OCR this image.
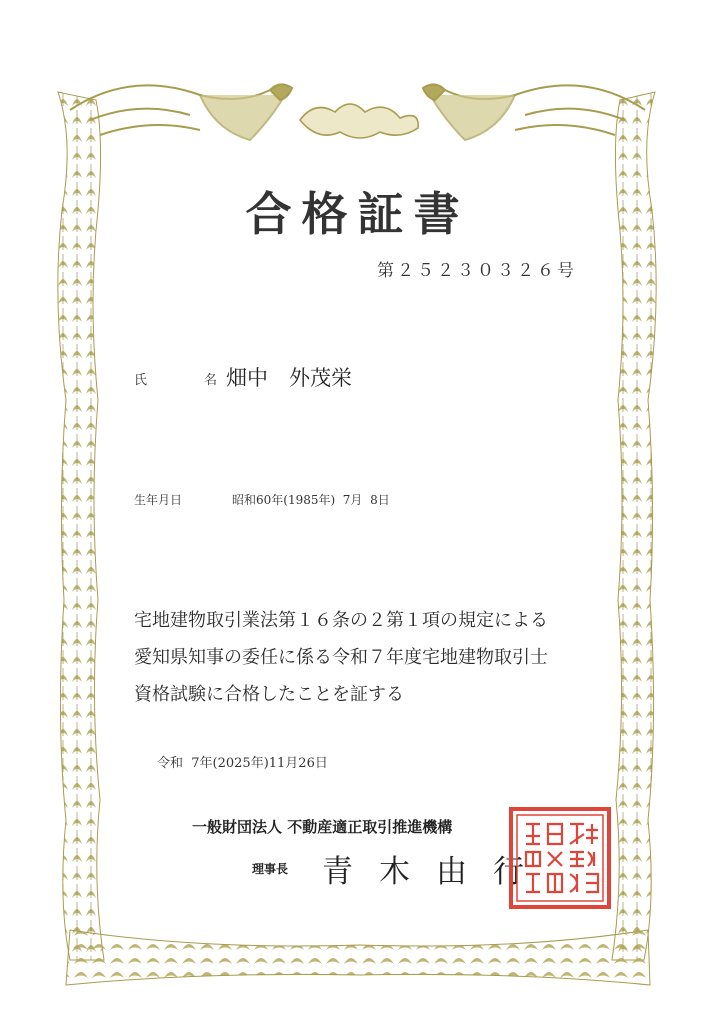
合格証書
第２５２３０３２６号
氏　名
畑中　外茂栄
生年月日	昭和60年(1985年)  7月  8日
宅地建物取引業法第１６条の２第１項の規定による
愛知県知事の委任に係る令和７年度宅地建物取引士
資格試験に合格したことを証する
令和  7年(2025年)11月26日
一般財団法人 不動産適正取引推進機構
理事長 青木由行
